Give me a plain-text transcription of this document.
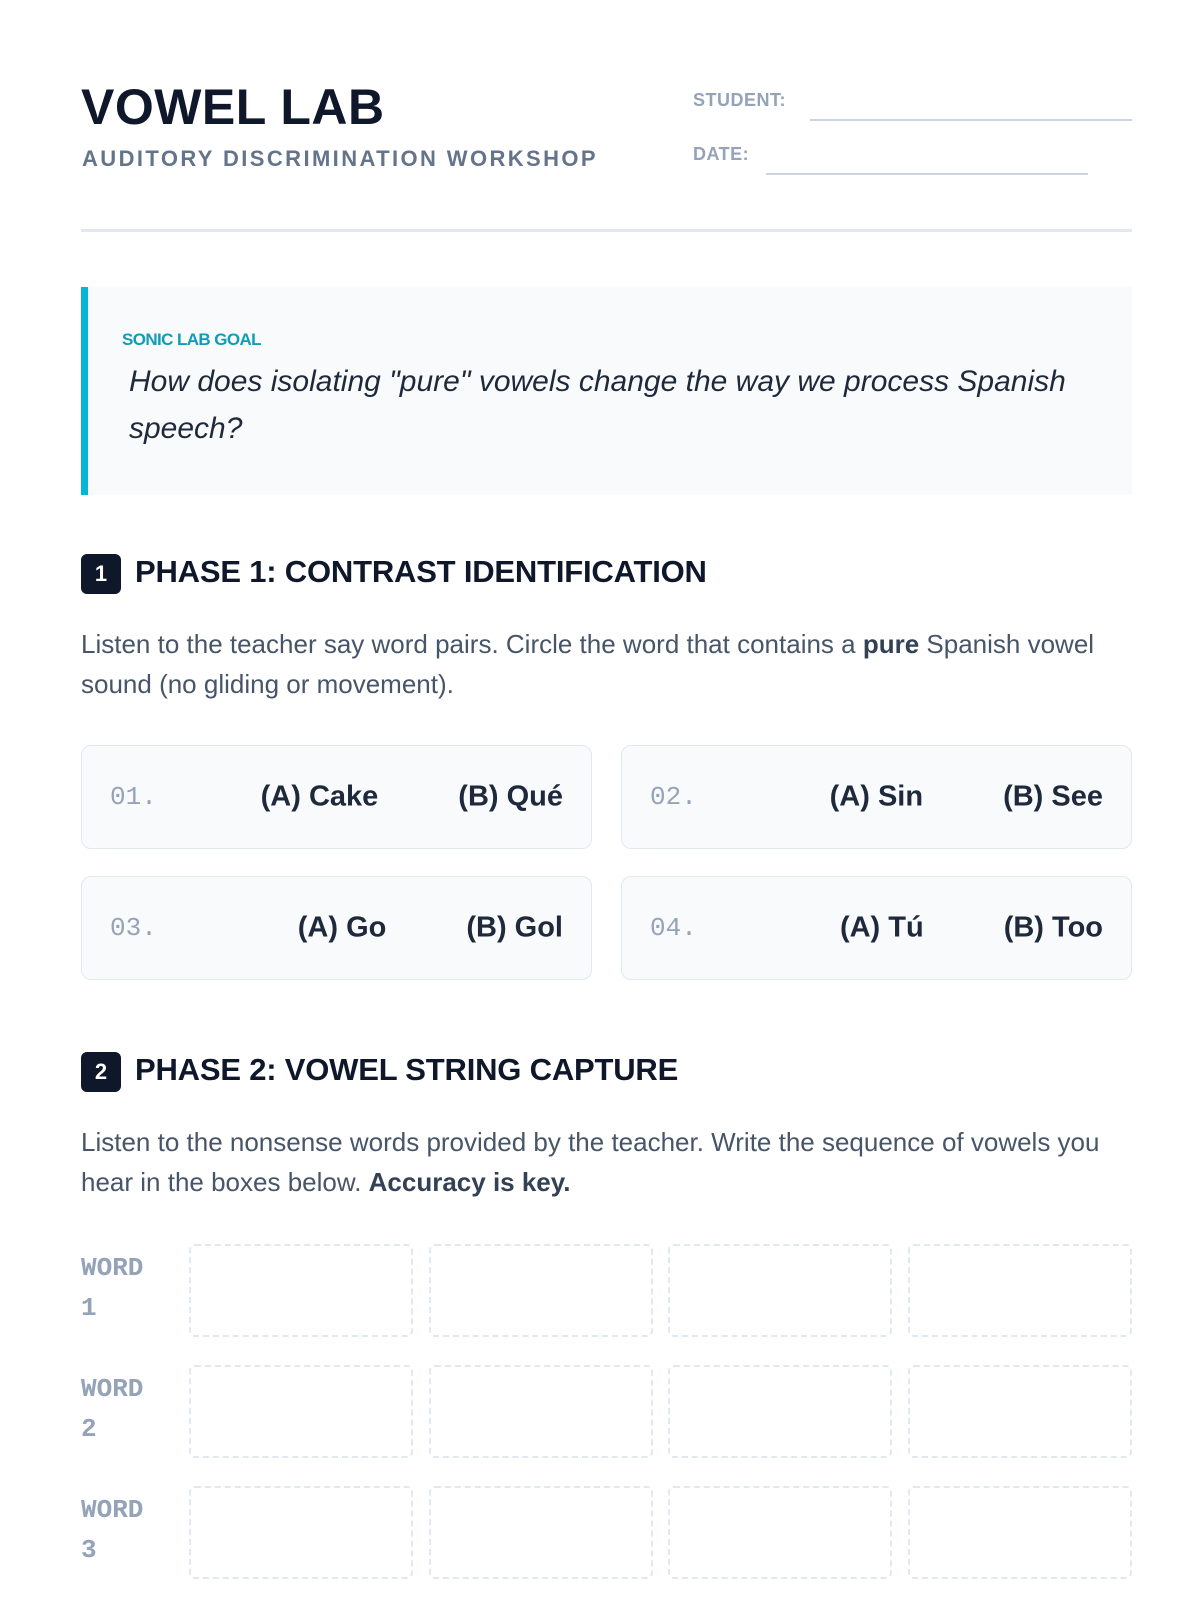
VOWEL LAB
AUDITORY DISCRIMINATION WORKSHOP
STUDENT:
DATE:
SONIC LAB GOAL
How does isolating "pure" vowels change the way we process Spanish speech?
1 PHASE 1: CONTRAST IDENTIFICATION

Listen to the teacher say word pairs. Circle the word that contains a pure Spanish vowel sound (no gliding or movement).

01.	(A) Cake	(B) Qué	02.	(A) Sin	(B) See
03.	(A) Go	(B) Gol	04.	(A) Tú	(B) Too
2 PHASE 2: VOWEL STRING CAPTURE

Listen to the nonsense words provided by the teacher. Write the sequence of vowels you hear in the boxes below. Accuracy is key.

WORD 1
WORD 2
WORD 3
